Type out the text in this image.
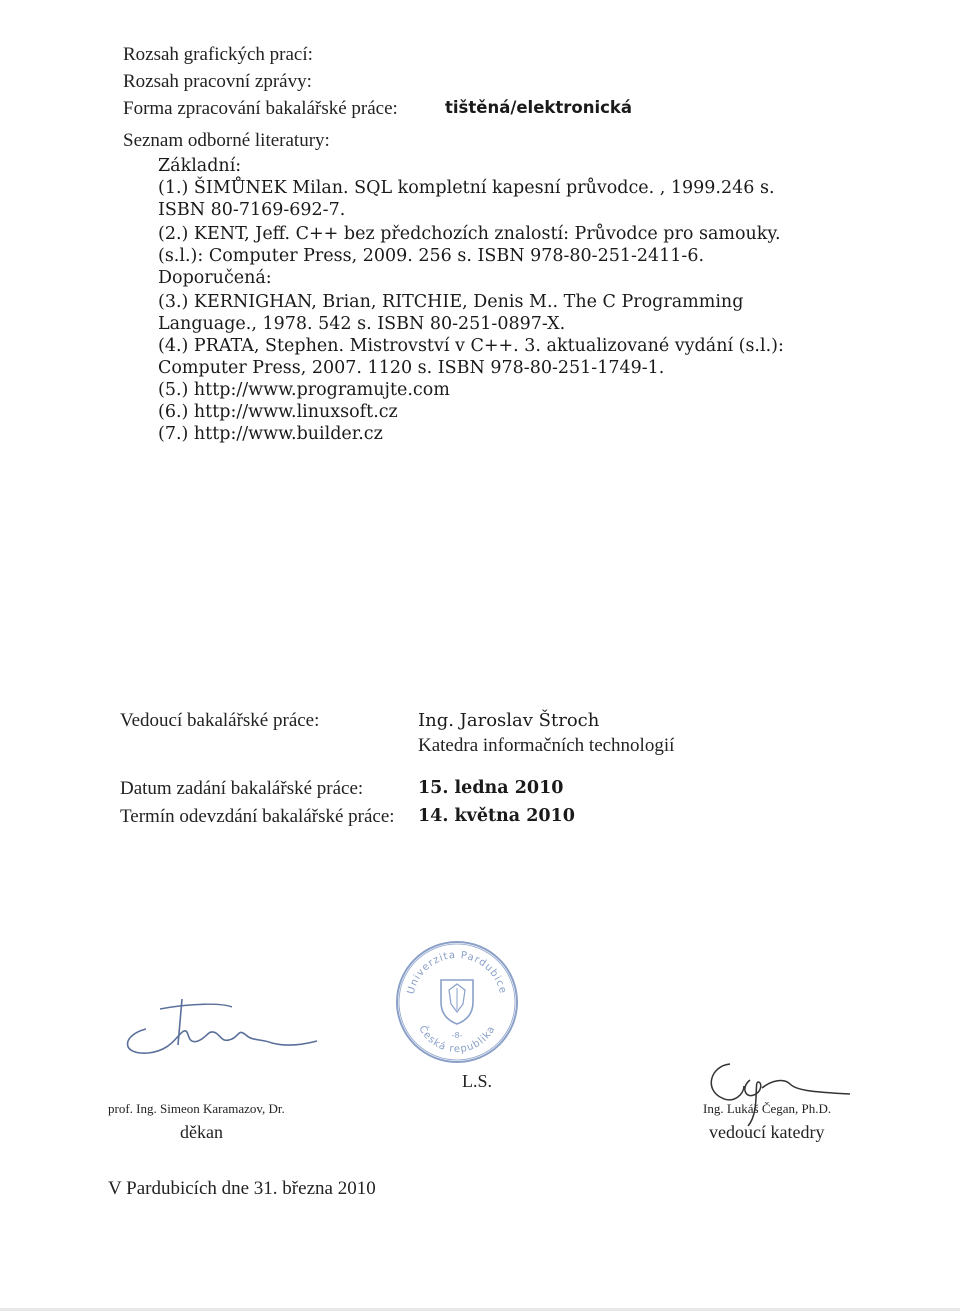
Rozsah grafických prací:
Rozsah pracovní zprávy:
Forma zpracování bakalářské práce:	tištěná/elektronická
Seznam odborné literatury:
Základní:
(1.) ŠIMŮNEK Milan. SQL kompletní kapesní průvodce. , 1999.246 s.
ISBN 80-7169-692-7.
(2.) KENT, Jeff. C++ bez předchozích znalostí: Průvodce pro samouky.
(s.l.): Computer Press, 2009. 256 s. ISBN 978-80-251-2411-6.
Doporučená:
(3.) KERNIGHAN, Brian, RITCHIE, Denis M.. The C Programming
Language., 1978. 542 s. ISBN 80-251-0897-X.
(4.) PRATA, Stephen. Mistrovství v C++. 3. aktualizované vydání (s.l.):
Computer Press, 2007. 1120 s. ISBN 978-80-251-1749-1.
(5.) http://www.programujte.com
(6.) http://www.linuxsoft.cz
(7.) http://www.builder.cz
Vedoucí bakalářské práce:	Ing. Jaroslav Štroch
Katedra informačních technologií
Datum zadání bakalářské práce:	15. ledna 2010
Termín odevzdání bakalářské práce: 14. května 2010
Univerzita Pardubice
Česká republika
-8-
L.S.
prof. Ing. Simeon Karamazov, Dr.
děkan
Ing. Lukáš Čegan, Ph.D.
vedoucí katedry
V Pardubicích dne 31. března 2010
